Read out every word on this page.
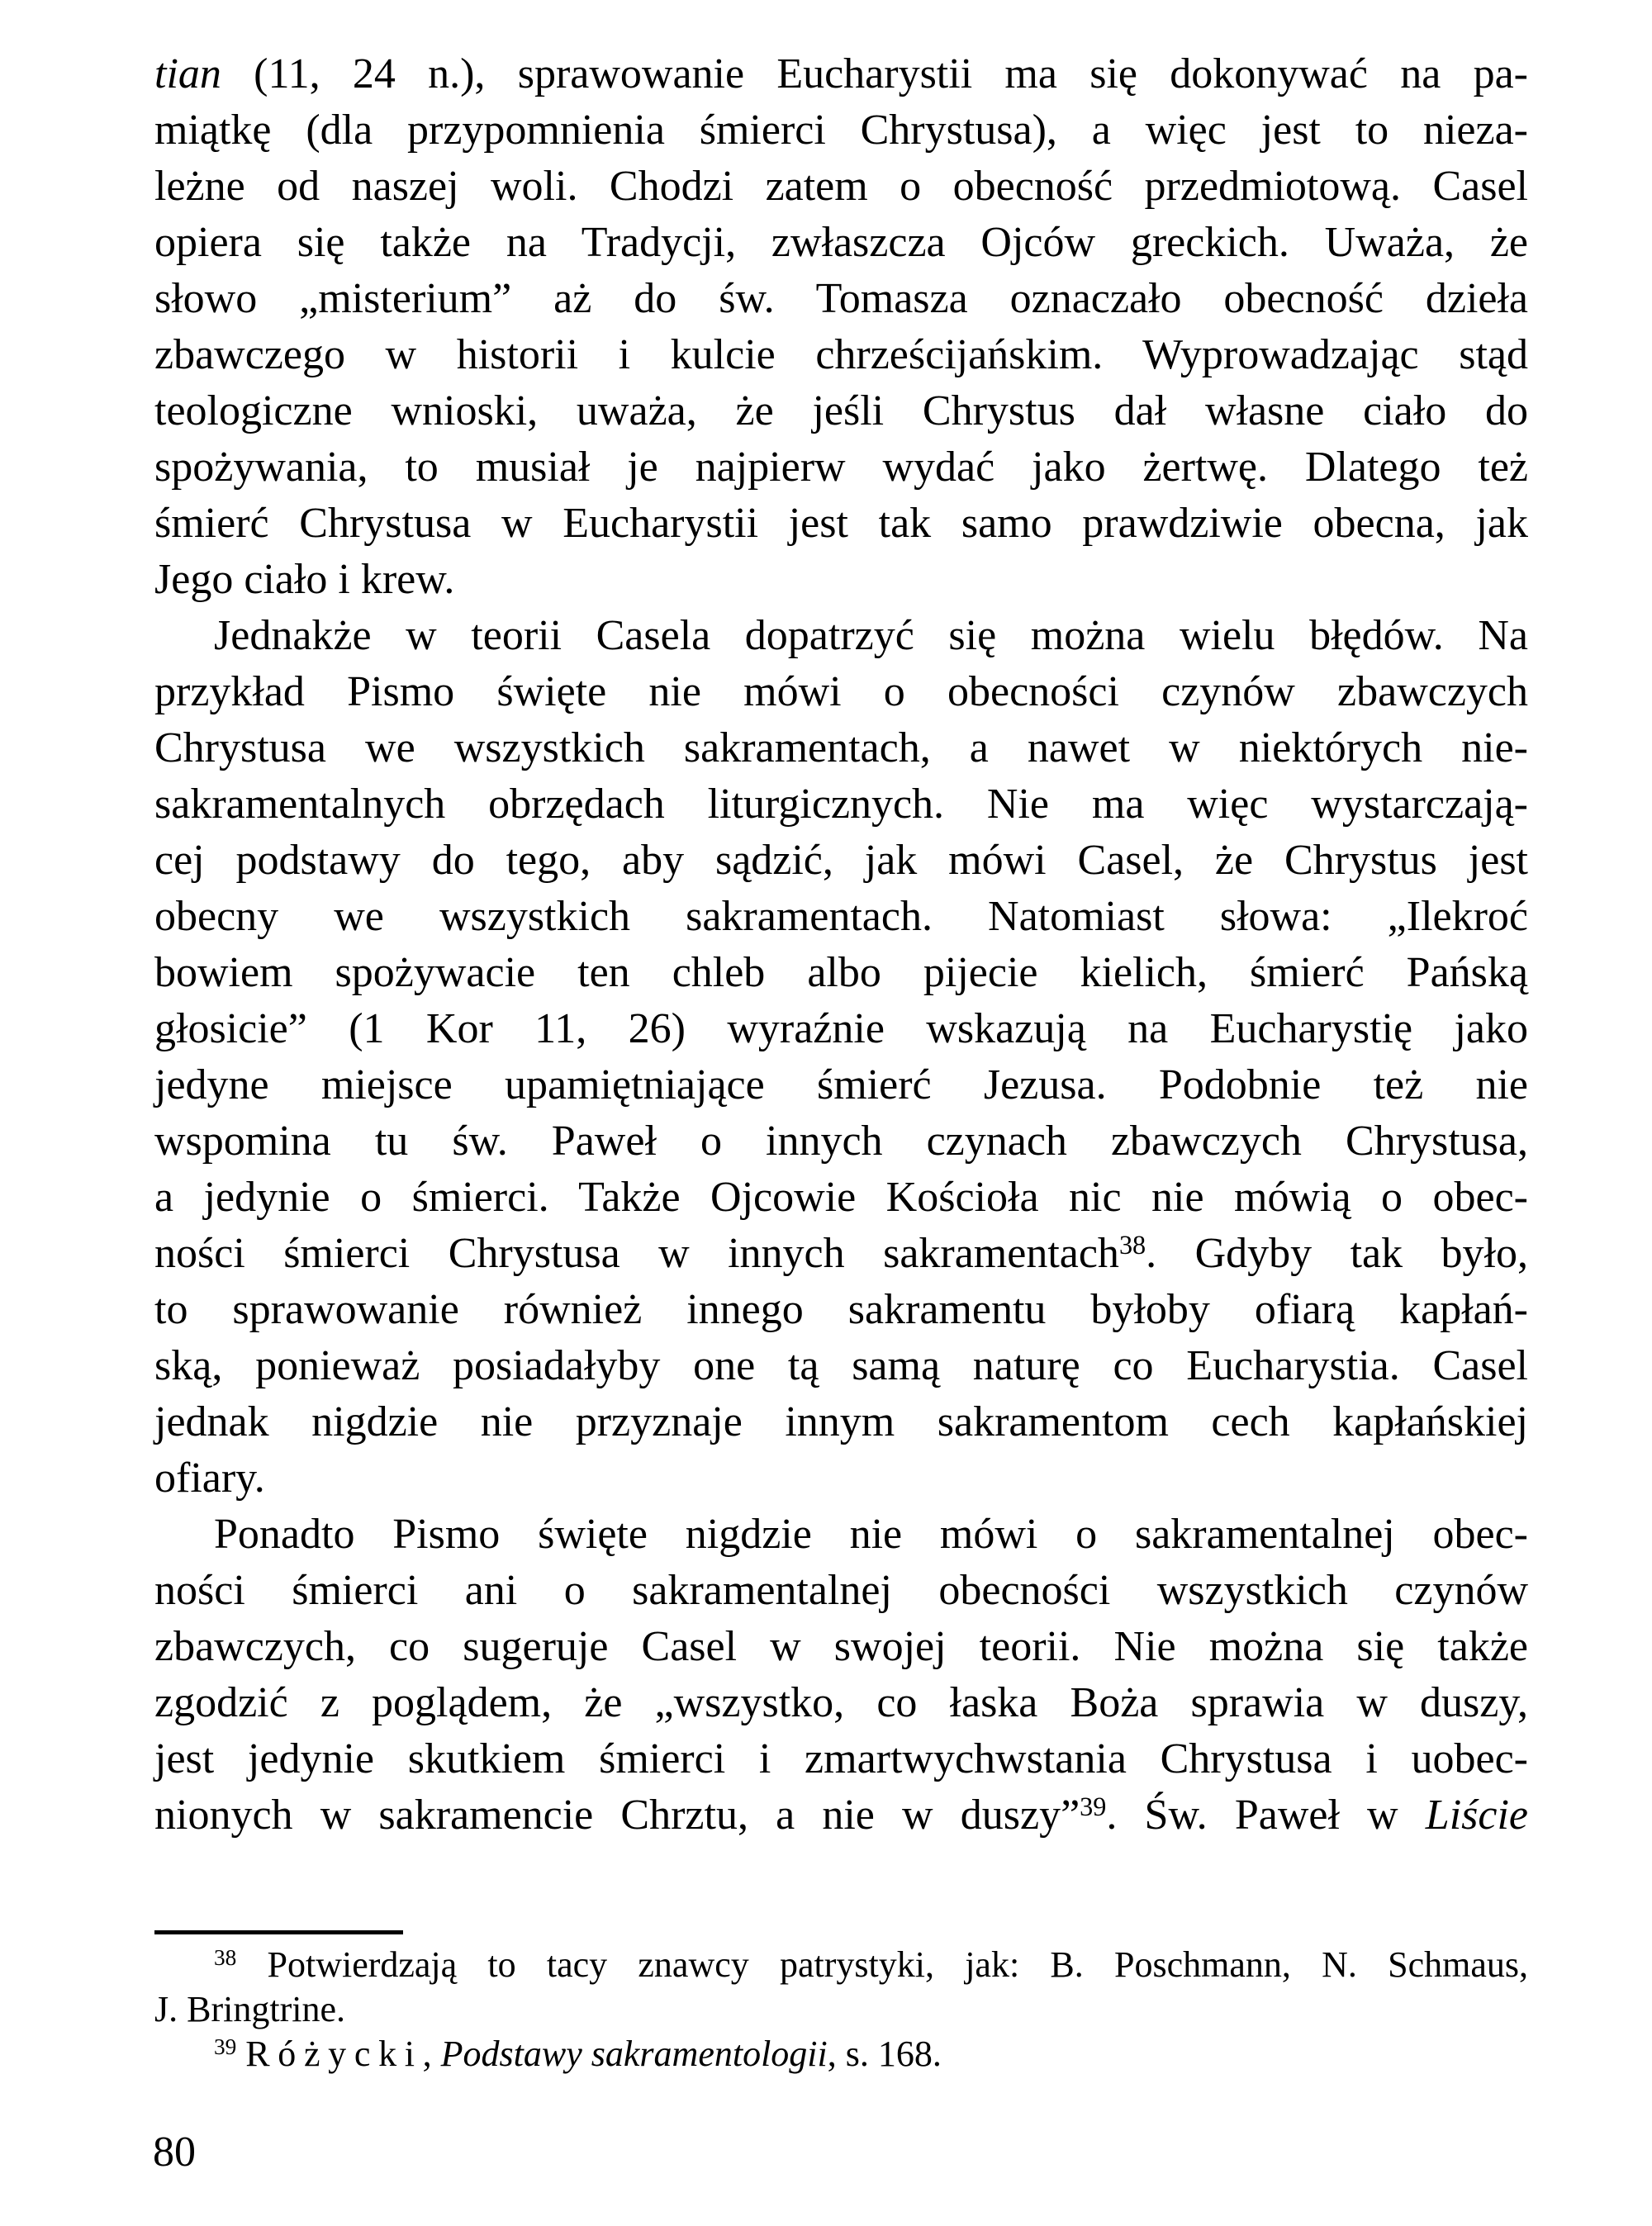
tian (11, 24 n.), sprawowanie Eucharystii ma się dokonywać na pa-
miątkę (dla przypomnienia śmierci Chrystusa), a więc jest to nieza-
leżne od naszej woli. Chodzi zatem o obecność przedmiotową. Casel
opiera się także na Tradycji, zwłaszcza Ojców greckich. Uważa, że
słowo „misterium” aż do św. Tomasza oznaczało obecność dzieła
zbawczego w historii i kulcie chrześcijańskim. Wyprowadzając stąd
teologiczne wnioski, uważa, że jeśli Chrystus dał własne ciało do
spożywania, to musiał je najpierw wydać jako żertwę. Dlatego też
śmierć Chrystusa w Eucharystii jest tak samo prawdziwie obecna, jak
Jego ciało i krew.
Jednakże w teorii Casela dopatrzyć się można wielu błędów. Na
przykład Pismo święte nie mówi o obecności czynów zbawczych
Chrystusa we wszystkich sakramentach, a nawet w niektórych nie-
sakramentalnych obrzędach liturgicznych. Nie ma więc wystarczają-
cej podstawy do tego, aby sądzić, jak mówi Casel, że Chrystus jest
obecny we wszystkich sakramentach. Natomiast słowa: „Ilekroć
bowiem spożywacie ten chleb albo pijecie kielich, śmierć Pańską
głosicie” (1 Kor 11, 26) wyraźnie wskazują na Eucharystię jako
jedyne miejsce upamiętniające śmierć Jezusa. Podobnie też nie
wspomina tu św. Paweł o innych czynach zbawczych Chrystusa,
a jedynie o śmierci. Także Ojcowie Kościoła nic nie mówią o obec-
ności śmierci Chrystusa w innych sakramentach$^{38}$. Gdyby tak było,
to sprawowanie również innego sakramentu byłoby ofiarą kapłań-
ską, ponieważ posiadałyby one tą samą naturę co Eucharystia. Casel
jednak nigdzie nie przyznaje innym sakramentom cech kapłańskiej
ofiary.
Ponadto Pismo święte nigdzie nie mówi o sakramentalnej obec-
ności śmierci ani o sakramentalnej obecności wszystkich czynów
zbawczych, co sugeruje Casel w swojej teorii. Nie można się także
zgodzić z poglądem, że „wszystko, co łaska Boża sprawia w duszy,
jest jedynie skutkiem śmierci i zmartwychwstania Chrystusa i uobec-
nionych w sakramencie Chrztu, a nie w duszy”$^{39}$. Św. Paweł w Liście
$^{38}$ Potwierdzają to tacy znawcy patrystyki, jak: B. Poschmann, N. Schmaus,
J. Bringtrine.
$^{39}$ Różycki, Podstawy sakramentologii, s. 168.
80
